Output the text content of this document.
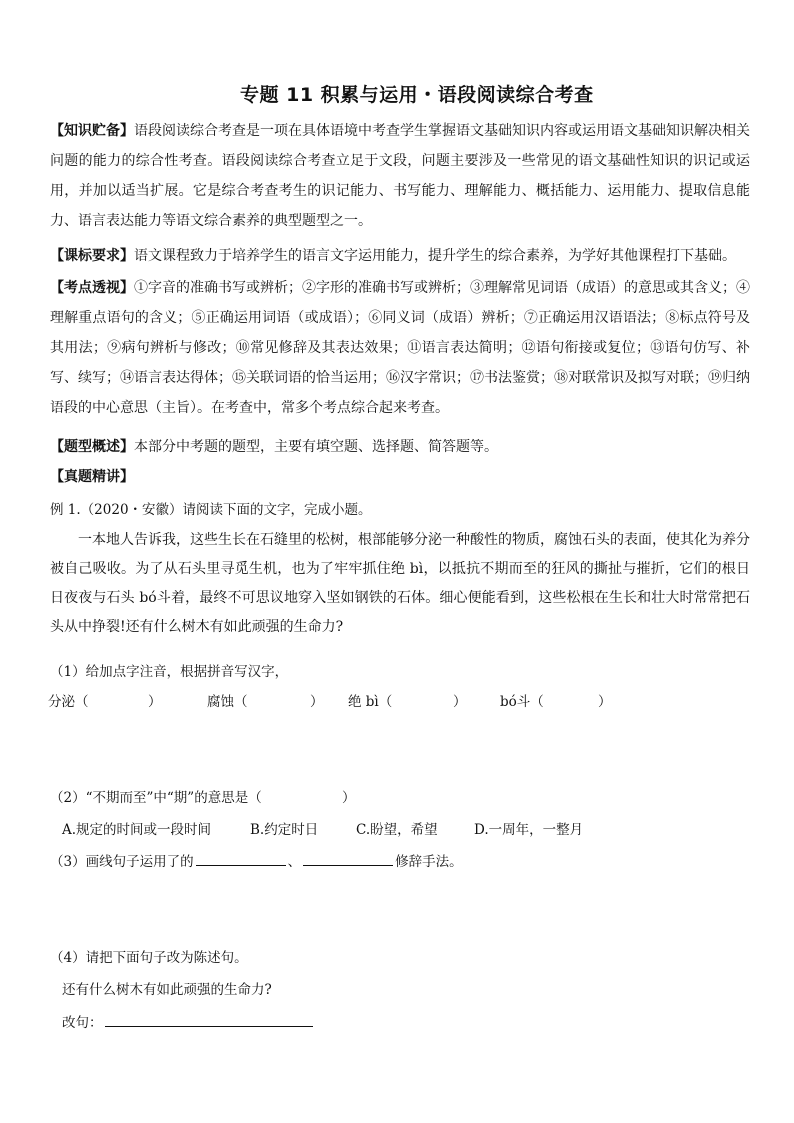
专题 11 积累与运用・语段阅读综合考查
【知识贮备】语段阅读综合考查是一项在具体语境中考查学生掌握语文基础知识内容或运用语文基础知识解决相关问题的能力的综合性考查。语段阅读综合考查立足于文段，问题主要涉及一些常见的语文基础性知识的识记或运用，并加以适当扩展。它是综合考查考生的识记能力、书写能力、理解能力、概括能力、运用能力、提取信息能力、语言表达能力等语文综合素养的典型题型之一。
【课标要求】语文课程致力于培养学生的语言文字运用能力，提升学生的综合素养，为学好其他课程打下基础。
【考点透视】①字音的准确书写或辨析；②字形的准确书写或辨析；③理解常见词语（成语）的意思或其含义；④理解重点语句的含义；⑤正确运用词语（或成语）；⑥同义词（成语）辨析；⑦正确运用汉语语法；⑧标点符号及其用法；⑨病句辨析与修改；⑩常见修辞及其表达效果；⑪语言表达简明；⑫语句衔接或复位；⑬语句仿写、补写、续写；⑭语言表达得体；⑮关联词语的恰当运用；⑯汉字常识；⑰书法鉴赏；⑱对联常识及拟写对联；⑲归纳语段的中心意思（主旨）。在考查中，常多个考点综合起来考查。
【题型概述】本部分中考题的题型，主要有填空题、选择题、简答题等。
【真题精讲】
例 1.（2020・安徽）请阅读下面的文字，完成小题。
一本地人告诉我，这些生长在石缝里的松树，根部能够分泌一种酸性的物质，腐蚀石头的表面，使其化为养分被自己吸收。为了从石头里寻觅生机，也为了牢牢抓住绝 bì，以抵抗不期而至的狂风的撕扯与摧折，它们的根日日夜夜与石头 bó斗着，最终不可思议地穿入坚如钢铁的石体。细心便能看到，这些松根在生长和壮大时常常把石头从中挣裂!还有什么树木有如此顽强的生命力?
（1）给加点字注音，根据拼音写汉字，
分泌（	）	腐蚀（	） 绝 bì（	） bó斗（	）
（2）“不期而至”中“期”的意思是（	）
A.规定的时间或一段时间	B.约定时日	C.盼望，希望	D.一周年，一整月
（3）画线句子运用了的	、	修辞手法。
（4）请把下面句子改为陈述句。
还有什么树木有如此顽强的生命力?
改句：
